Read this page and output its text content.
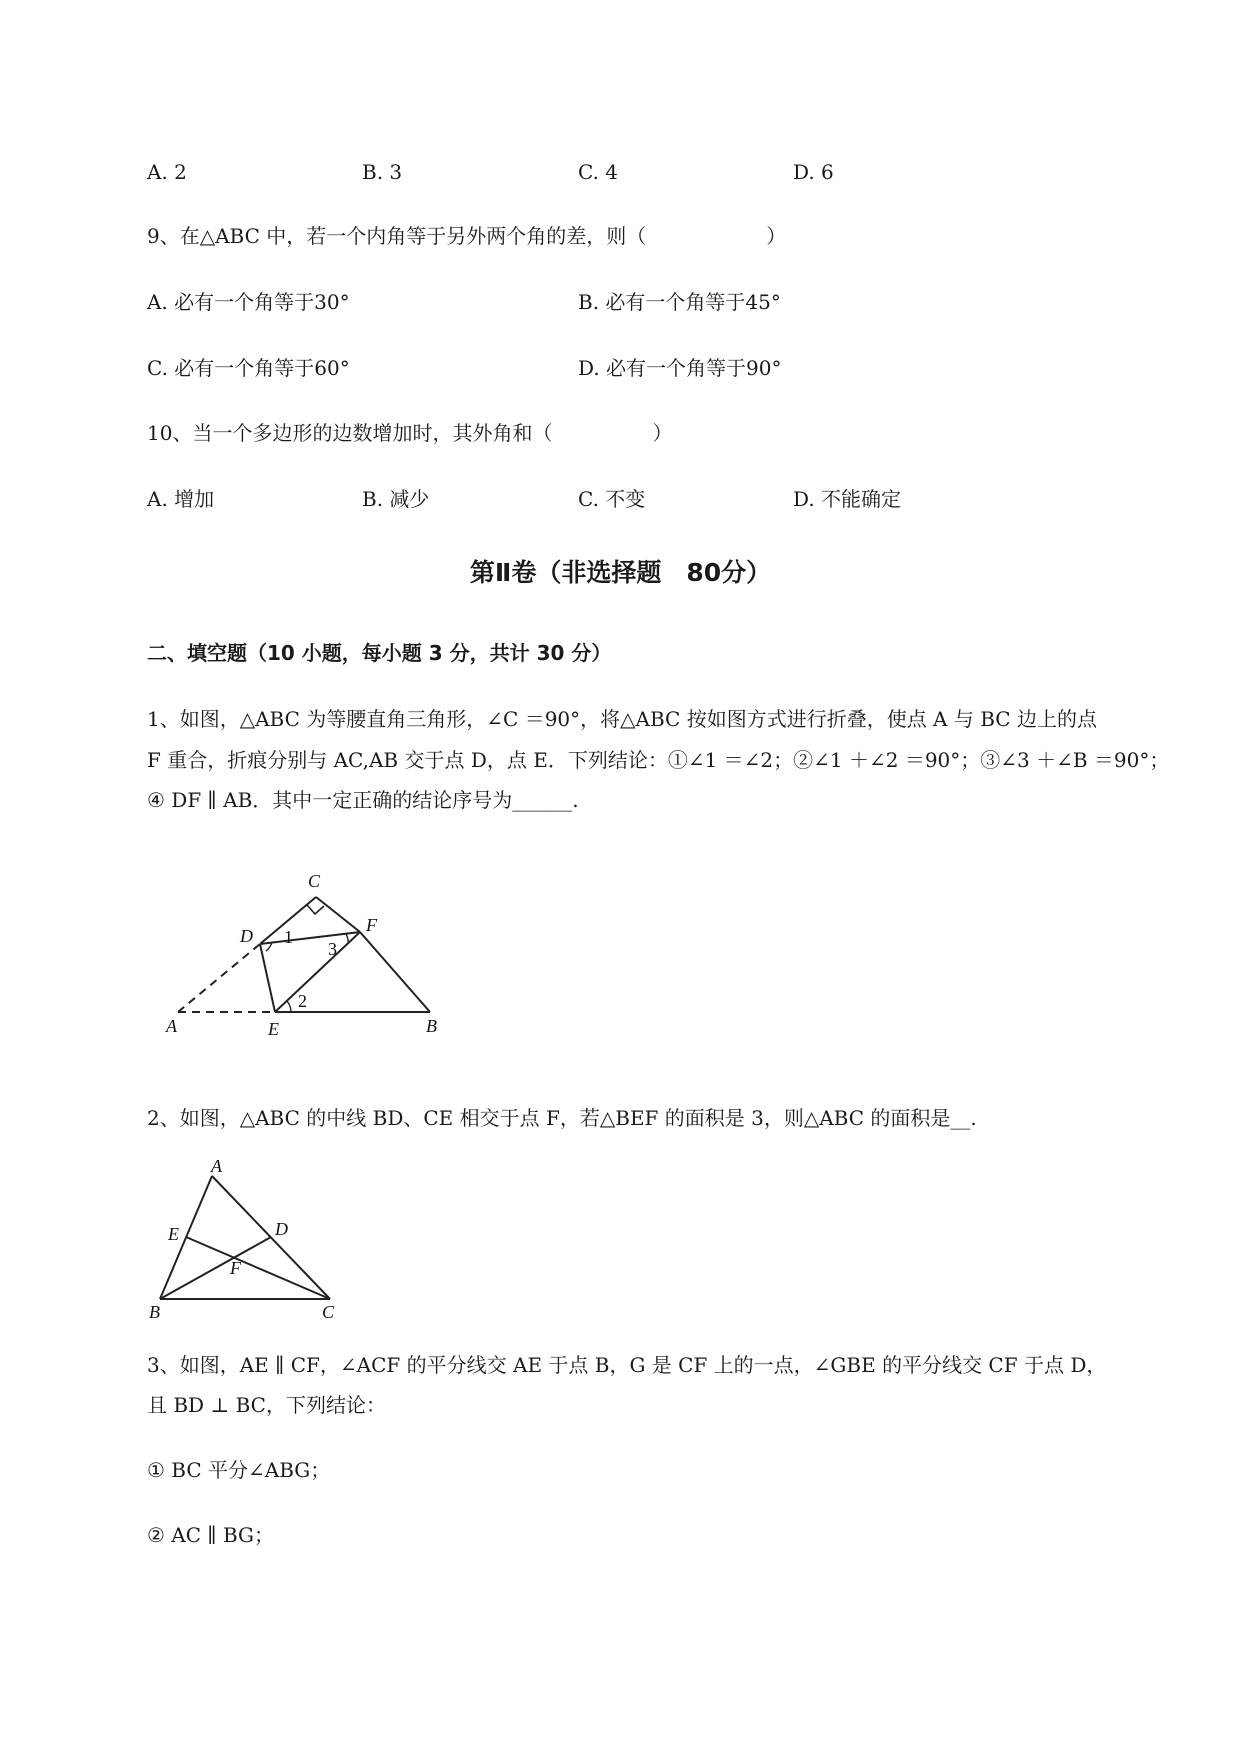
A. 2	B. 3	C. 4	D. 6
9、在△ABC 中，若一个内角等于另外两个角的差，则（　　　　　　）
A. 必有一个角等于30°	B. 必有一个角等于45°
C. 必有一个角等于60°	D. 必有一个角等于90°
10、当一个多边形的边数增加时，其外角和（　　　　　）
A. 增加	B. 减少	C. 不变	D. 不能确定
第Ⅱ卷（非选择题　80分）
二、填空题（10 小题，每小题 3 分，共计 30 分）
1、如图，△ABC 为等腰直角三角形，∠C ＝90°，将△ABC 按如图方式进行折叠，使点 A 与 BC 边上的点
F 重合，折痕分别与 AC,AB 交于点 D，点 E．下列结论：①∠1 ＝∠2；②∠1 ＋∠2 ＝90°；③∠3 ＋∠B ＝90°；
④ DF ∥ AB．其中一定正确的结论序号为______.
C
D
F
A	E	B
1
3
2
2、如图，△ABC 的中线 BD、CE 相交于点 F，若△BEF 的面积是 3，则△ABC 的面积是__.
A
E	D
F
B	C
3、如图，AE ∥ CF，∠ACF 的平分线交 AE 于点 B，G 是 CF 上的一点，∠GBE 的平分线交 CF 于点 D，
且 BD ⊥ BC，下列结论：
① BC 平分∠ABG；
② AC ∥ BG；
